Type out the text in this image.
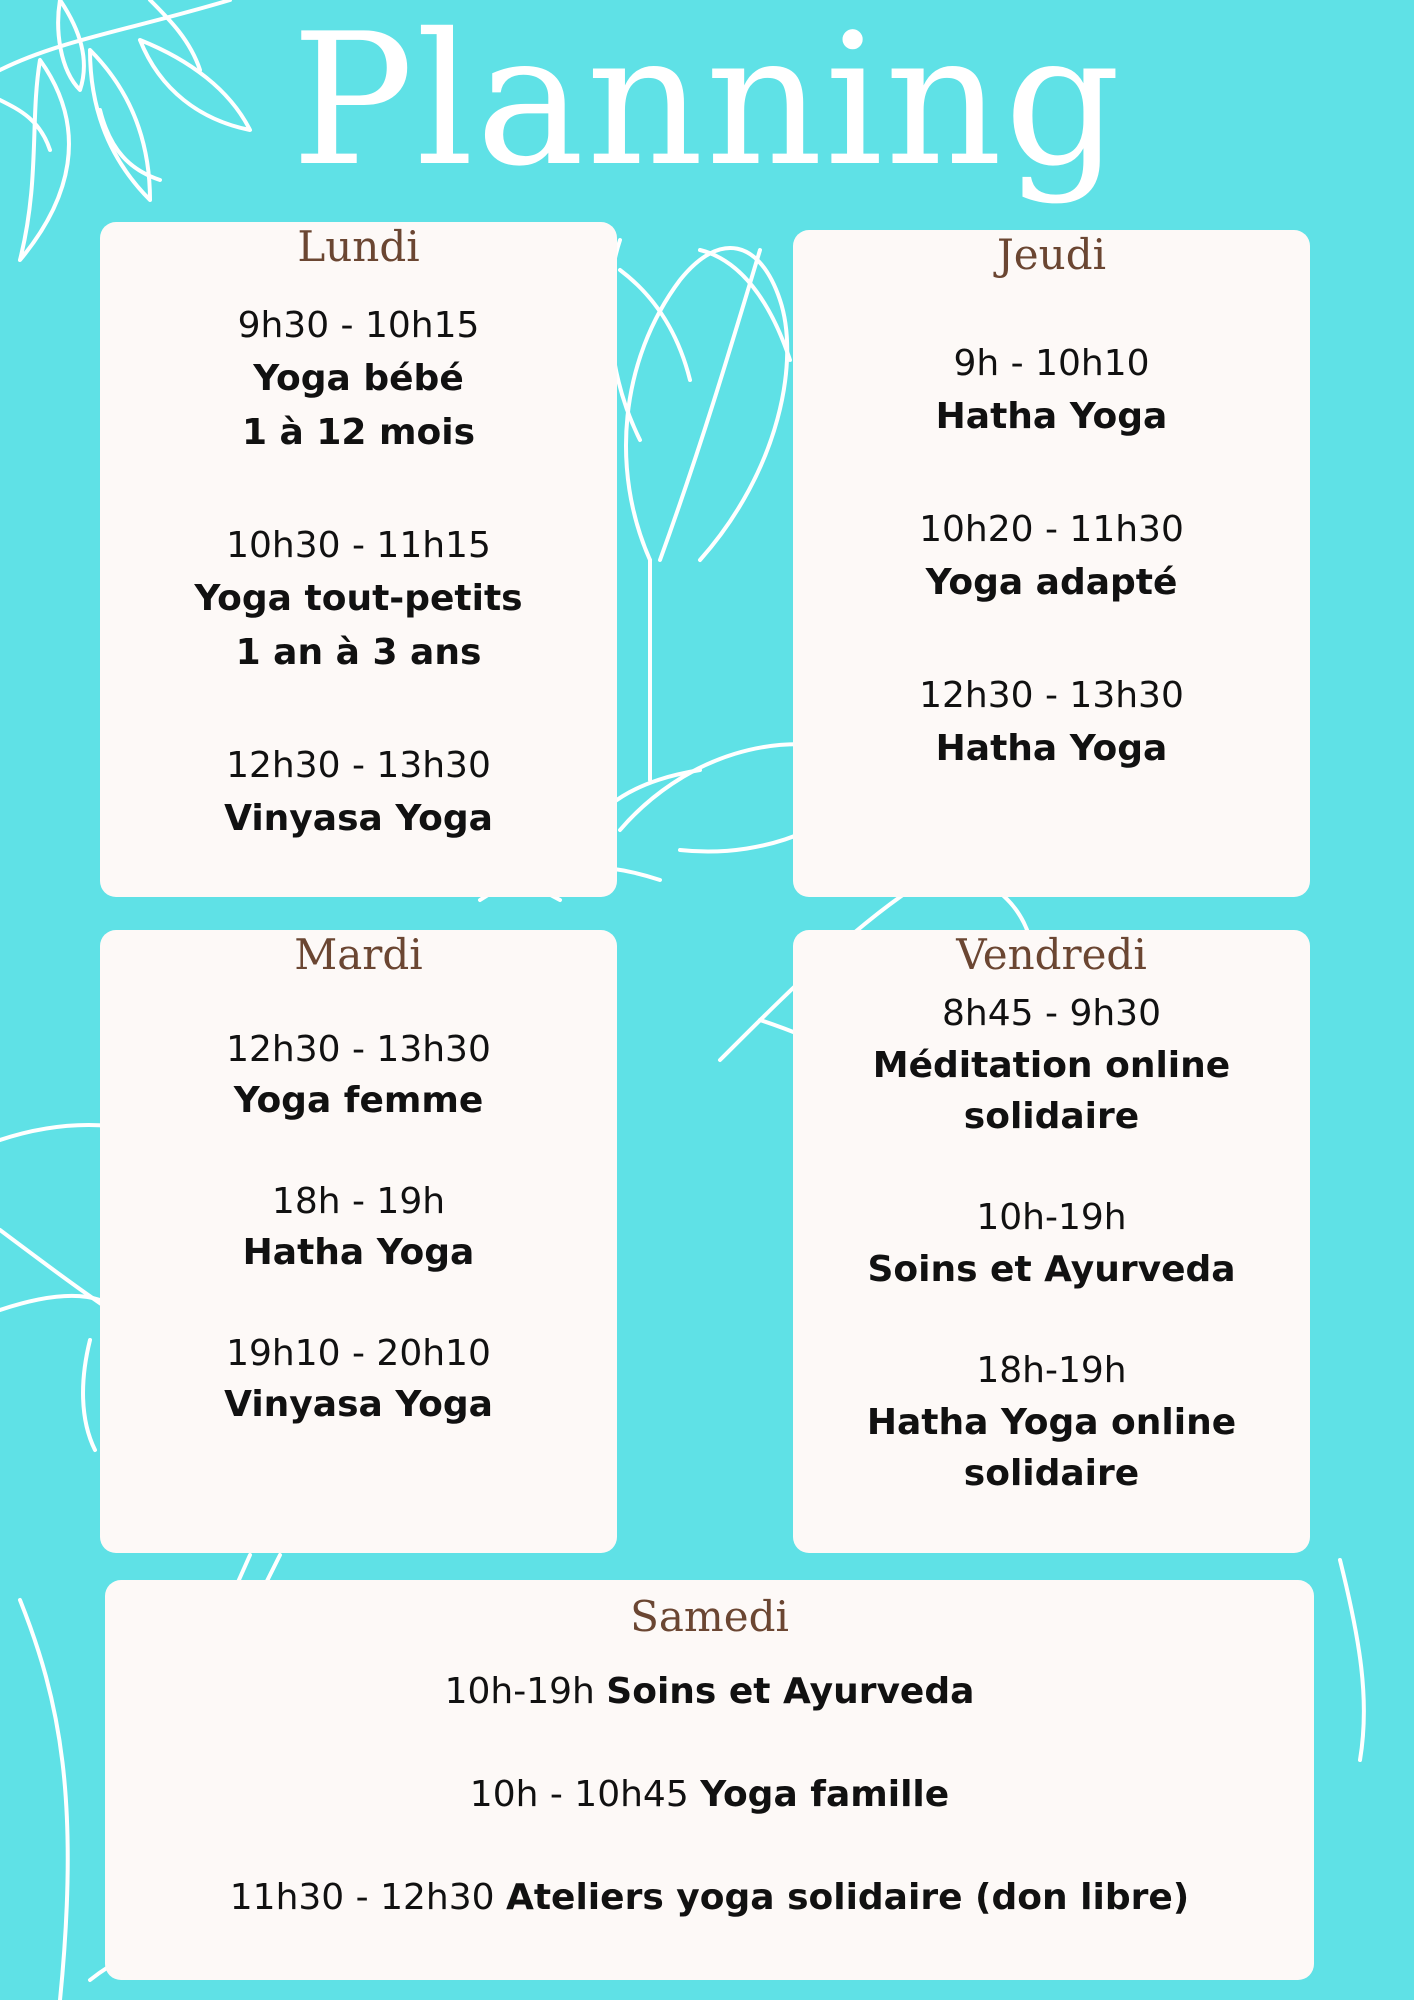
Planning

Lundi

9h30 - 10h15
Yoga bébé
1 à 12 mois
10h30 - 11h15
Yoga tout-petits
1 an à 3 ans
12h30 - 13h30
Vinyasa Yoga

Jeudi

9h - 10h10
Hatha Yoga
10h20 - 11h30
Yoga adapté
12h30 - 13h30
Hatha Yoga

Mardi

12h30 - 13h30
Yoga femme
18h - 19h
Hatha Yoga
19h10 - 20h10
Vinyasa Yoga

Vendredi

8h45 - 9h30
Méditation online
solidaire
10h-19h
Soins et Ayurveda
18h-19h
Hatha Yoga online
solidaire

Samedi

10h-19h Soins et Ayurveda

10h - 10h45 Yoga famille

11h30 - 12h30 Ateliers yoga solidaire (don libre)
